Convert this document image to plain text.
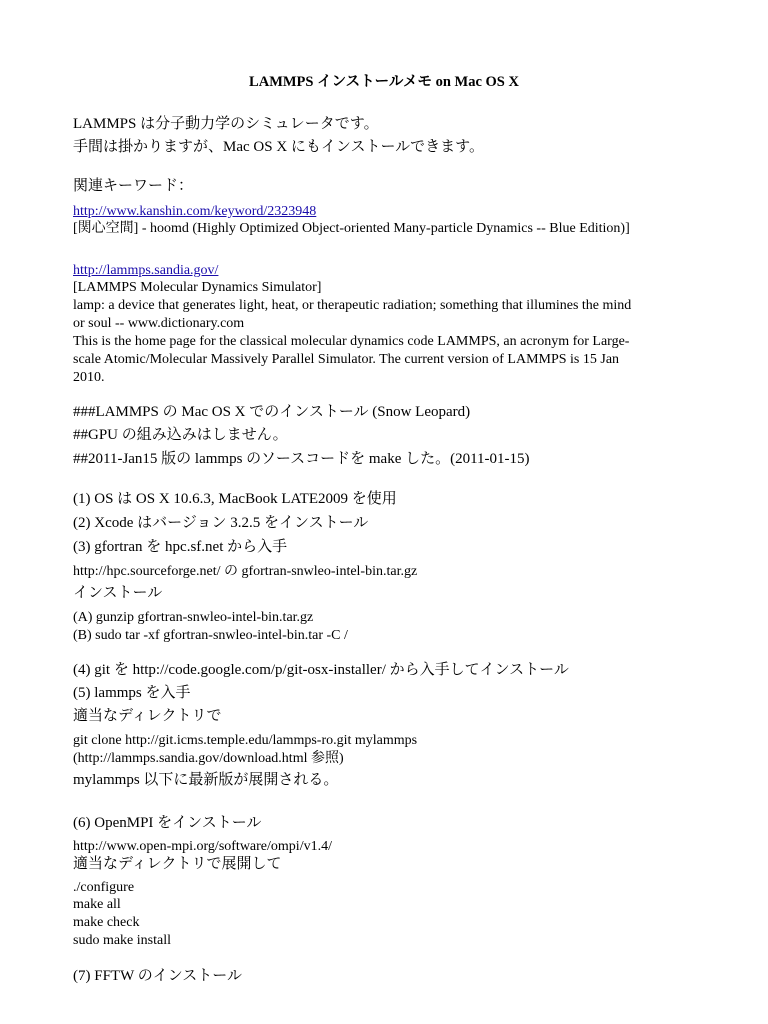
LAMMPS インストールメモ on Mac OS X
LAMMPS は分子動力学のシミュレータです。
手間は掛かりますが、Mac OS X にもインストールできます。
関連キーワード：
http://www.kanshin.com/keyword/2323948
[関心空間] - hoomd (Highly Optimized Object-oriented Many-particle Dynamics -- Blue Edition)]
http://lammps.sandia.gov/
[LAMMPS Molecular Dynamics Simulator]
lamp: a device that generates light, heat, or therapeutic radiation; something that illumines the mind
or soul -- www.dictionary.com
This is the home page for the classical molecular dynamics code LAMMPS, an acronym for Large-
scale Atomic/Molecular Massively Parallel Simulator. The current version of LAMMPS is 15 Jan
2010.
###LAMMPS の Mac OS X でのインストール (Snow Leopard)
##GPU の組み込みはしません。
##2011-Jan15 版の lammps のソースコードを make した。(2011-01-15)
(1) OS は OS X 10.6.3, MacBook LATE2009 を使用
(2) Xcode はバージョン 3.2.5 をインストール
(3) gfortran を hpc.sf.net から入手
http://hpc.sourceforge.net/ の gfortran-snwleo-intel-bin.tar.gz
インストール
(A) gunzip gfortran-snwleo-intel-bin.tar.gz
(B) sudo tar -xf gfortran-snwleo-intel-bin.tar -C /
(4) git を http://code.google.com/p/git-osx-installer/ から入手してインストール
(5) lammps を入手
適当なディレクトリで
git clone http://git.icms.temple.edu/lammps-ro.git mylammps
(http://lammps.sandia.gov/download.html 参照)
mylammps 以下に最新版が展開される。
(6) OpenMPI をインストール
http://www.open-mpi.org/software/ompi/v1.4/
適当なディレクトリで展開して
./configure
make all
make check
sudo make install
(7) FFTW のインストール
